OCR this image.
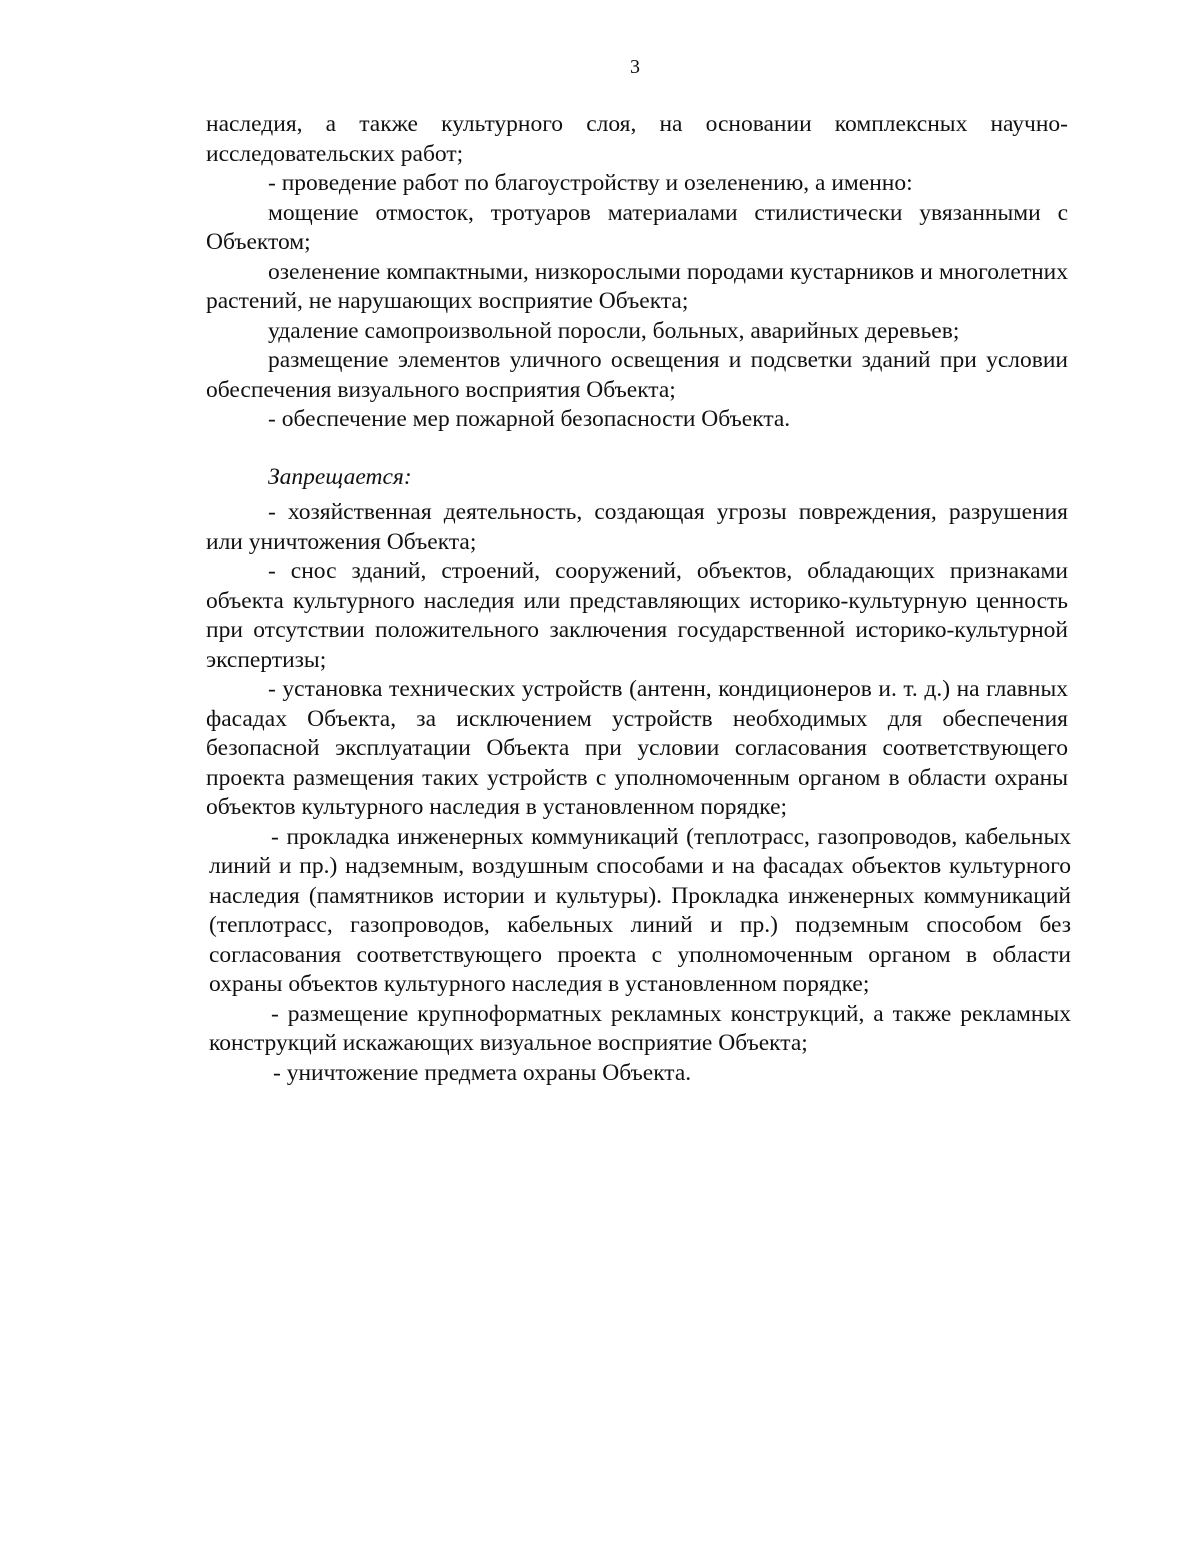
3

наследия, а также культурного слоя, на основании комплексных научно-исследовательских работ;

- проведение работ по благоустройству и озеленению, а именно:

мощение отмосток, тротуаров материалами стилистически увязанными с Объектом;

озеленение компактными, низкорослыми породами кустарников и многолетних растений, не нарушающих восприятие Объекта;

удаление самопроизвольной поросли, больных, аварийных деревьев;

размещение элементов уличного освещения и подсветки зданий при условии обеспечения визуального восприятия Объекта;

- обеспечение мер пожарной безопасности Объекта.

Запрещается:

- хозяйственная деятельность, создающая угрозы повреждения, разрушения или уничтожения Объекта;

- снос зданий, строений, сооружений, объектов, обладающих признаками объекта культурного наследия или представляющих историко-культурную ценность при отсутствии положительного заключения государственной историко-культурной экспертизы;

- установка технических устройств (антенн, кондиционеров и. т. д.) на главных фасадах Объекта, за исключением устройств необходимых для обеспечения безопасной эксплуатации Объекта при условии согласования соответствующего проекта размещения таких устройств с уполномоченным органом в области охраны объектов культурного наследия в установленном порядке;

- прокладка инженерных коммуникаций (теплотрасс, газопроводов, кабельных линий и пр.) надземным, воздушным способами и на фасадах объектов культурного наследия (памятников истории и культуры). Прокладка инженерных коммуникаций (теплотрасс, газопроводов, кабельных линий и пр.) подземным способом без согласования соответствующего проекта с уполномоченным органом в области охраны объектов культурного наследия в установленном порядке;

- размещение крупноформатных рекламных конструкций, а также рекламных конструкций искажающих визуальное восприятие Объекта;

- уничтожение предмета охраны Объекта.
